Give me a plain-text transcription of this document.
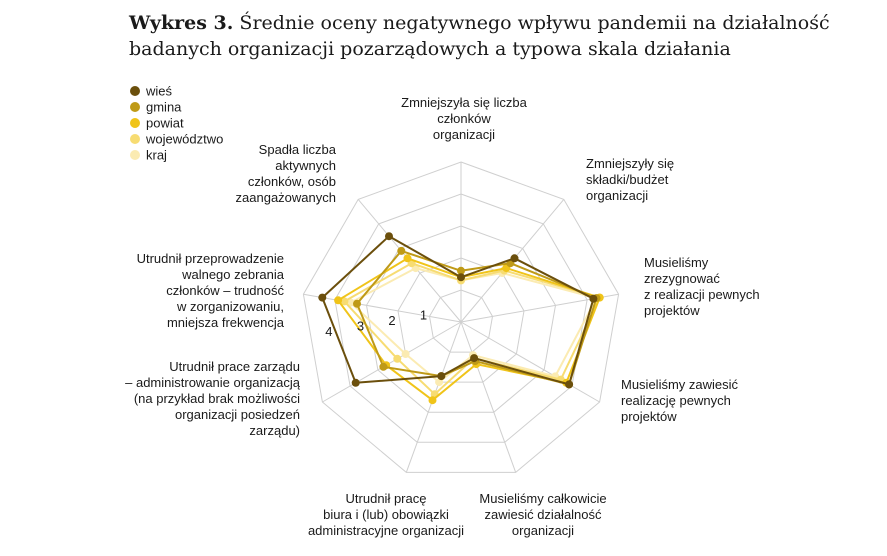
Wykres 3. Średnie oceny negatywnego wpływu pandemii na działalność badanych organizacji pozarządowych a typowa skala działania
1
2
3
4
Zmniejszyła się liczba członków organizacji
Zmniejszyły się składki/budżet organizacji
Musieliśmy zrezygnować z realizacji pewnych projektów
Musieliśmy zawiesić realizację pewnych projektów
Musieliśmy całkowicie zawiesić działalność organizacji
Utrudnił pracę biura i (lub) obowiązki administracyjne organizacji
Utrudnił prace zarządu – administrowanie organizacją (na przykład brak możliwości organizacji posiedzeń zarządu)
Utrudnił przeprowadzenie walnego zebrania członków – trudność w zorganizowaniu, mniejsza frekwencja
Spadła liczba aktywnych członków, osób zaangażowanych
wieś
gmina
powiat
województwo
kraj
